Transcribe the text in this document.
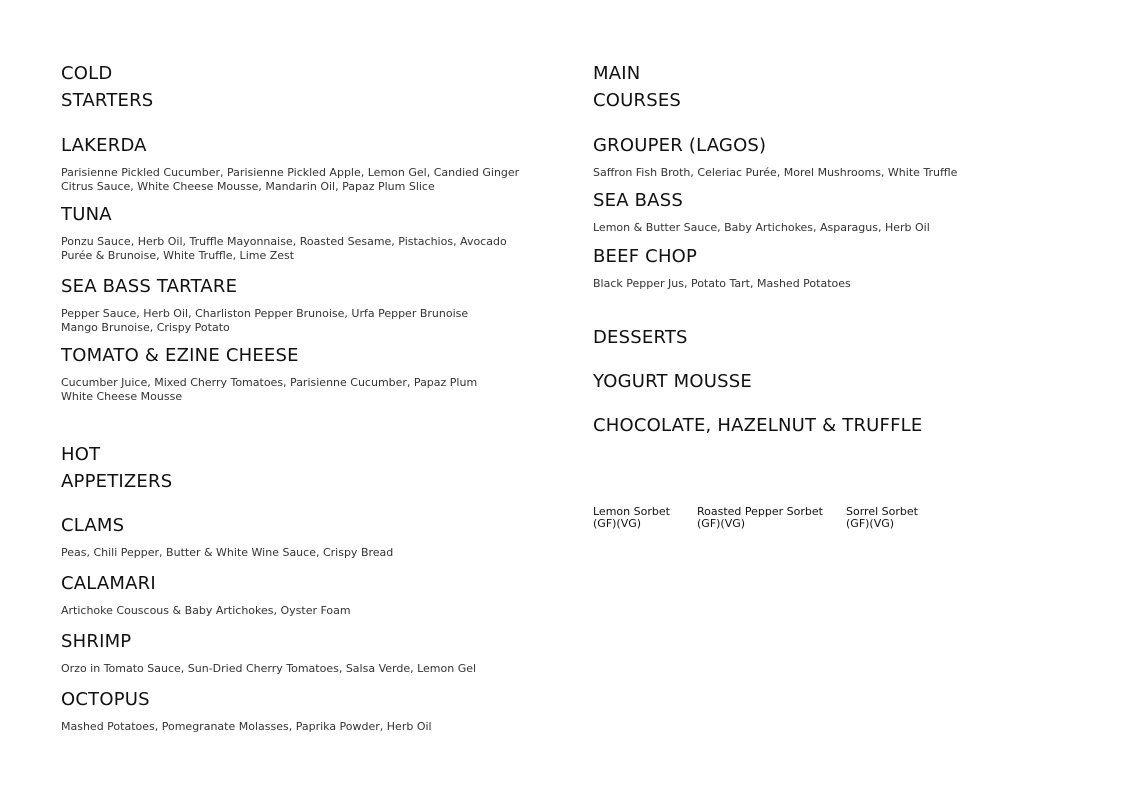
COLD
STARTERS
LAKERDA
Parisienne Pickled Cucumber, Parisienne Pickled Apple, Lemon Gel, Candied Ginger
Citrus Sauce, White Cheese Mousse, Mandarin Oil, Papaz Plum Slice
TUNA
Ponzu Sauce, Herb Oil, Truffle Mayonnaise, Roasted Sesame, Pistachios, Avocado
Purée & Brunoise, White Truffle, Lime Zest
SEA BASS TARTARE
Pepper Sauce, Herb Oil, Charliston Pepper Brunoise, Urfa Pepper Brunoise
Mango Brunoise, Crispy Potato
TOMATO & EZINE CHEESE
Cucumber Juice, Mixed Cherry Tomatoes, Parisienne Cucumber, Papaz Plum
White Cheese Mousse
HOT
APPETIZERS
CLAMS
Peas, Chili Pepper, Butter & White Wine Sauce, Crispy Bread
CALAMARI
Artichoke Couscous & Baby Artichokes, Oyster Foam
SHRIMP
Orzo in Tomato Sauce, Sun-Dried Cherry Tomatoes, Salsa Verde, Lemon Gel
OCTOPUS
Mashed Potatoes, Pomegranate Molasses, Paprika Powder, Herb Oil
MAIN
COURSES
GROUPER (LAGOS)
Saffron Fish Broth, Celeriac Purée, Morel Mushrooms, White Truffle
SEA BASS
Lemon & Butter Sauce, Baby Artichokes, Asparagus, Herb Oil
BEEF CHOP
Black Pepper Jus, Potato Tart, Mashed Potatoes
DESSERTS
YOGURT MOUSSE
CHOCOLATE, HAZELNUT & TRUFFLE
Lemon Sorbet
(GF)(VG)
Roasted Pepper Sorbet
(GF)(VG)
Sorrel Sorbet
(GF)(VG)
